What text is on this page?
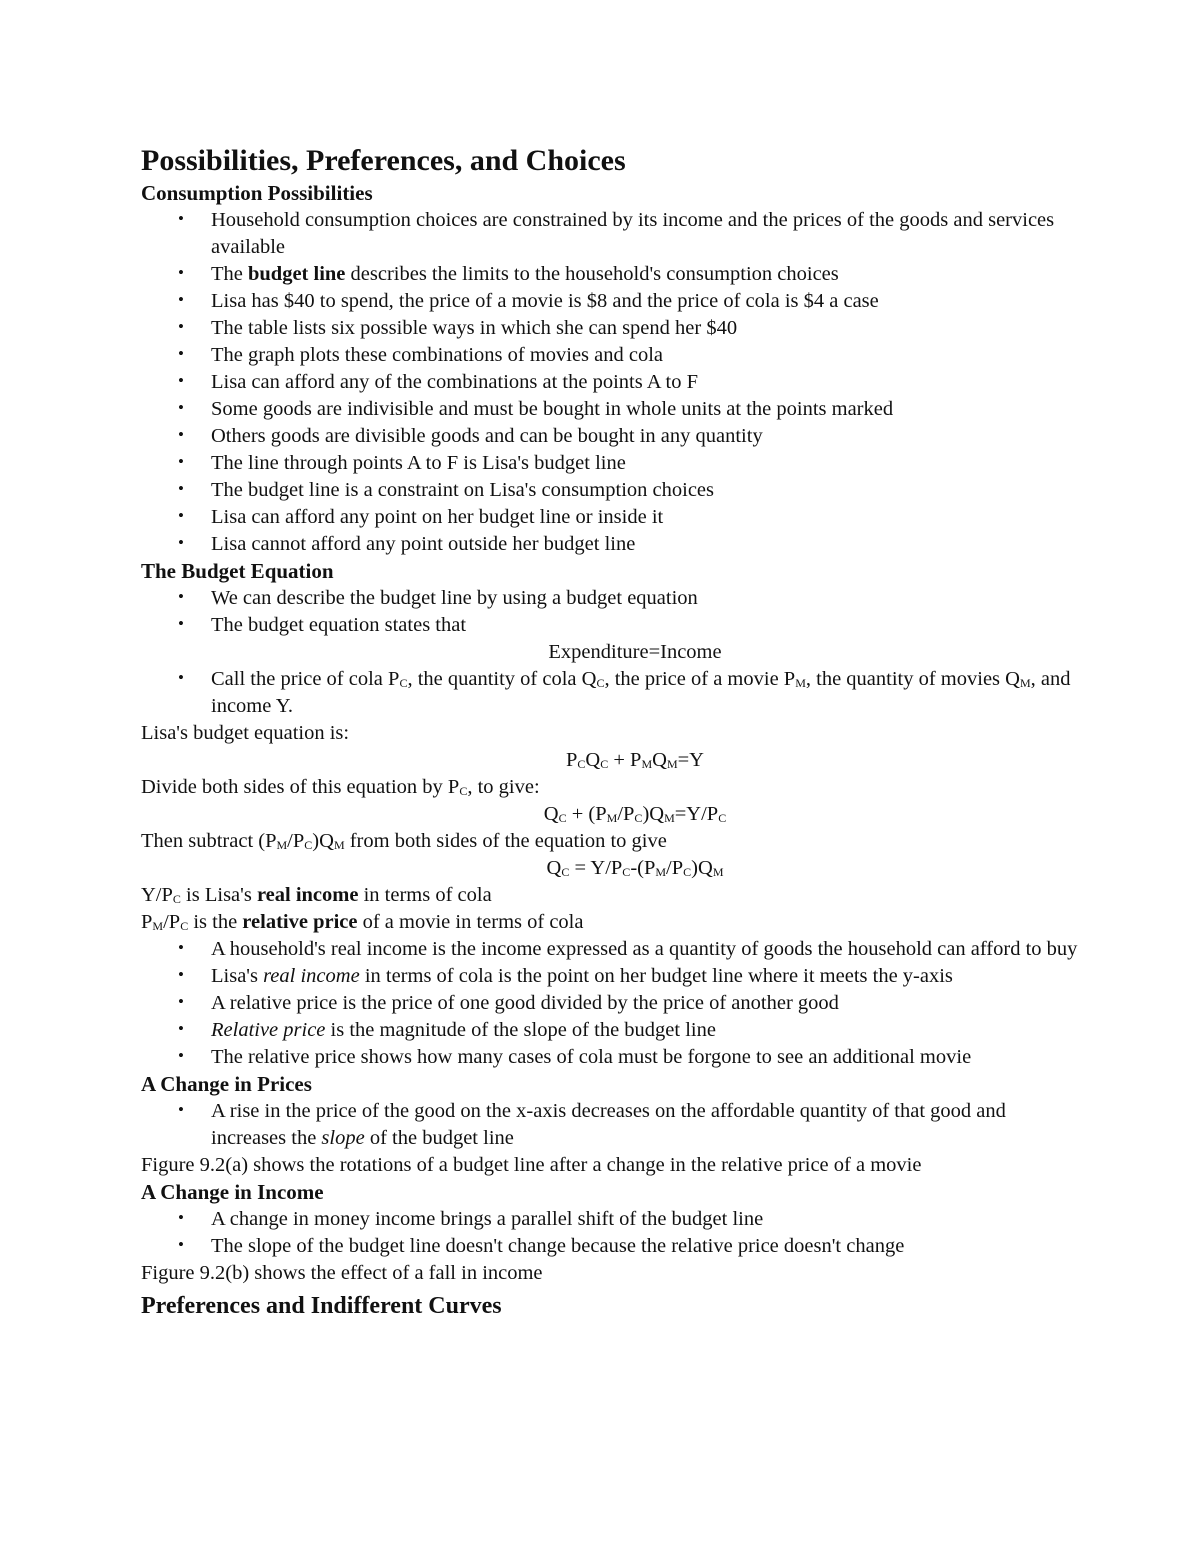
Possibilities, Preferences, and Choices
Consumption Possibilities
• Household consumption choices are constrained by its income and the prices of the goods and services available
• The budget line describes the limits to the household's consumption choices
• Lisa has $40 to spend, the price of a movie is $8 and the price of cola is $4 a case
• The table lists six possible ways in which she can spend her $40
• The graph plots these combinations of movies and cola
• Lisa can afford any of the combinations at the points A to F
• Some goods are indivisible and must be bought in whole units at the points marked
• Others goods are divisible goods and can be bought in any quantity
• The line through points A to F is Lisa's budget line
• The budget line is a constraint on Lisa's consumption choices
• Lisa can afford any point on her budget line or inside it
• Lisa cannot afford any point outside her budget line
The Budget Equation
• We can describe the budget line by using a budget equation
• The budget equation states that
Expenditure=Income
• Call the price of cola $P_C$, the quantity of cola $Q_C$, the price of a movie $P_M$, the quantity of movies $Q_M$, and income Y.
Lisa's budget equation is:
$P_CQ_C + P_MQ_M=Y$
Divide both sides of this equation by $P_C$, to give:
$Q_C + (P_M/P_C)Q_M=Y/P_C$
Then subtract $(P_M/P_C)Q_M$ from both sides of the equation to give
$Q_C = Y/P_C-(P_M/P_C)Q_M$
$Y/P_C$ is Lisa's real income in terms of cola
$P_M/P_C$ is the relative price of a movie in terms of cola
• A household's real income is the income expressed as a quantity of goods the household can afford to buy
• Lisa's real income in terms of cola is the point on her budget line where it meets the y-axis
• A relative price is the price of one good divided by the price of another good
• Relative price is the magnitude of the slope of the budget line
• The relative price shows how many cases of cola must be forgone to see an additional movie
A Change in Prices
• A rise in the price of the good on the x-axis decreases on the affordable quantity of that good and increases the slope of the budget line
Figure 9.2(a) shows the rotations of a budget line after a change in the relative price of a movie
A Change in Income
• A change in money income brings a parallel shift of the budget line
• The slope of the budget line doesn't change because the relative price doesn't change
Figure 9.2(b) shows the effect of a fall in income
Preferences and Indifferent Curves
